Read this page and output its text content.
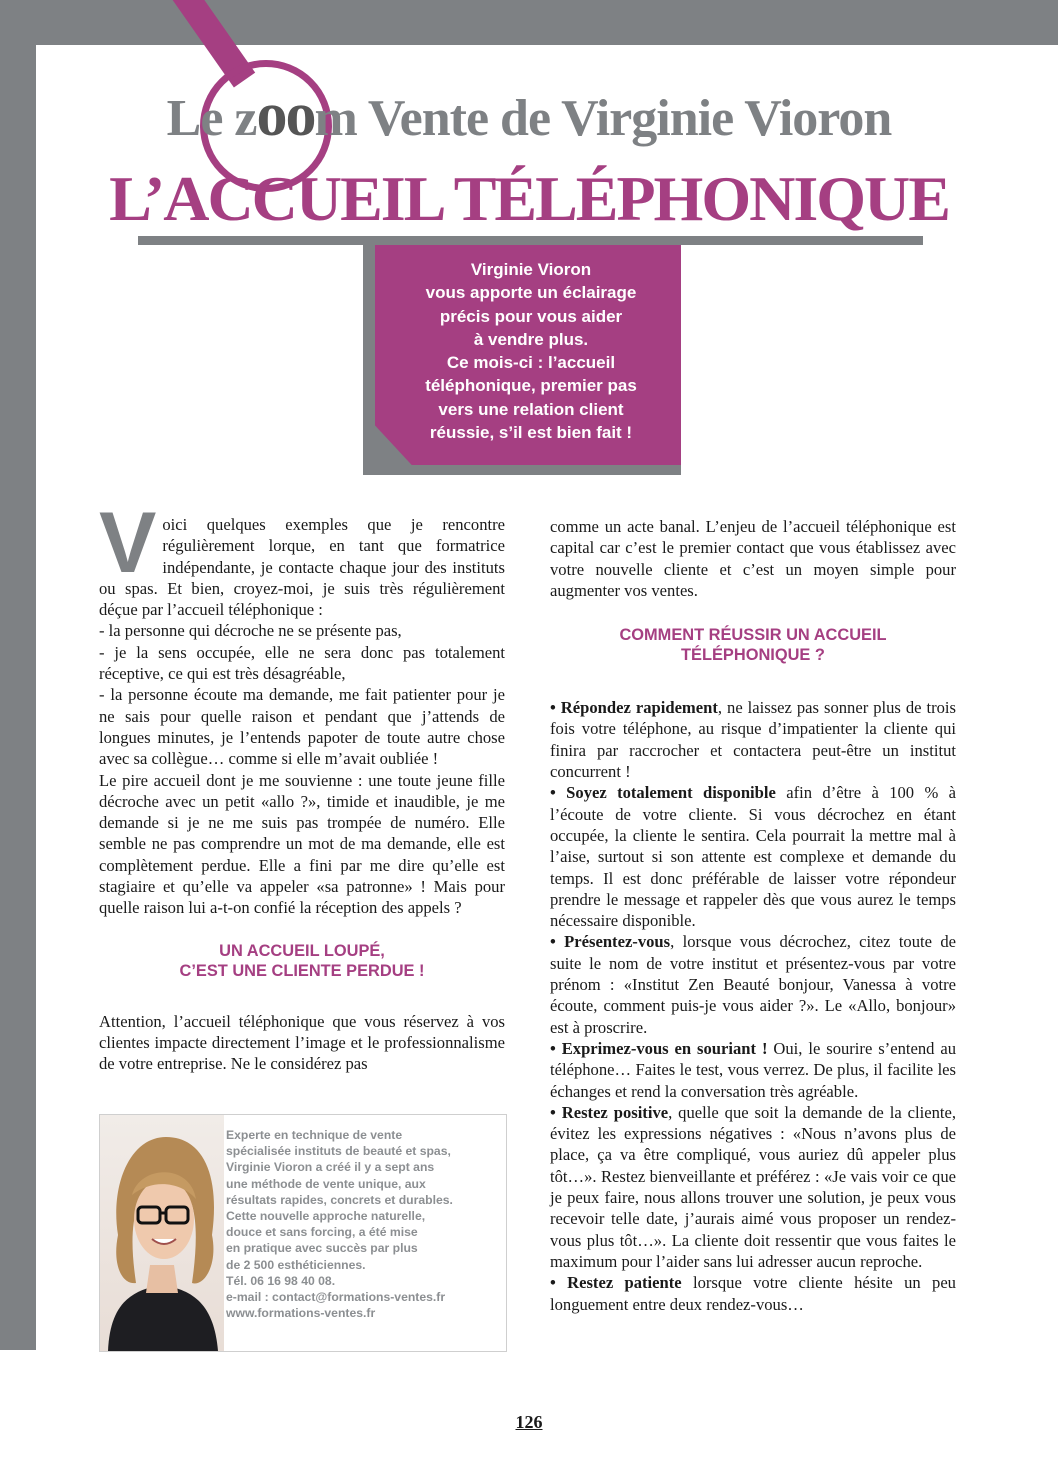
Le zoom Vente de Virginie Vioron
L’ACCUEIL TÉLÉPHONIQUE
Virginie Vioron
vous apporte un éclairage
précis pour vous aider
à vendre plus.
Ce mois-ci : l’accueil
téléphonique, premier pas
vers une relation client
réussie, s’il est bien fait !

Voici quelques exemples que je rencontre régulièrement lorque, en tant que formatrice indépendante, je contacte chaque jour des instituts ou spas. Et bien, croyez-moi, je suis très régulièrement déçue par l’accueil téléphonique :

- la personne qui décroche ne se présente pas,

- je la sens occupée, elle ne sera donc pas totalement réceptive, ce qui est très désagréable,

- la personne écoute ma demande, me fait patienter pour je ne sais pour quelle raison et pendant que j’attends de longues minutes, je l’entends papoter de toute autre chose avec sa collègue… comme si elle m’avait oubliée !

Le pire accueil dont je me souvienne : une toute jeune fille décroche avec un petit «allo ?», timide et inaudible, je me demande si je ne me suis pas trompée de numéro. Elle semble ne pas comprendre un mot de ma demande, elle est complètement perdue. Elle a fini par me dire qu’elle est stagiaire et qu’elle va appeler «sa patronne» ! Mais pour quelle raison lui a-t-on confié la réception des appels ?

UN ACCUEIL LOUPÉ,
C’EST UNE CLIENTE PERDUE !

Attention, l’accueil téléphonique que vous réservez à vos clientes impacte directement l’image et le professionnalisme de votre entreprise. Ne le considérez pas

Experte en technique de vente

spécialisée instituts de beauté et spas,

Virginie Vioron a créé il y a sept ans

une méthode de vente unique, aux

résultats rapides, concrets et durables.

Cette nouvelle approche naturelle,

douce et sans forcing, a été mise

en pratique avec succès par plus

de 2 500 esthéticiennes.

Tél. 06 16 98 40 08.

e-mail : contact@formations-ventes.fr

www.formations-ventes.fr

comme un acte banal. L’enjeu de l’accueil téléphonique est capital car c’est le premier contact que vous établissez avec votre nouvelle cliente et c’est un moyen simple pour augmenter vos ventes.

COMMENT RÉUSSIR UN ACCUEIL
TÉLÉPHONIQUE ?

• Répondez rapidement, ne laissez pas sonner plus de trois fois votre téléphone, au risque d’impatienter la cliente qui finira par raccrocher et contactera peut-être un institut concurrent !

• Soyez totalement disponible afin d’être à 100 % à l’écoute de votre cliente. Si vous décrochez en étant occupée, la cliente le sentira. Cela pourrait la mettre mal à l’aise, surtout si son attente est complexe et demande du temps. Il est donc préférable de laisser votre répondeur prendre le message et rappeler dès que vous aurez le temps nécessaire disponible.

• Présentez-vous, lorsque vous décrochez, citez toute de suite le nom de votre institut et présentez-vous par votre prénom : «Institut Zen Beauté bonjour, Vanessa à votre écoute, comment puis-je vous aider ?». Le «Allo, bonjour» est à proscrire.

• Exprimez-vous en souriant ! Oui, le sourire s’entend au téléphone… Faites le test, vous verrez. De plus, il facilite les échanges et rend la conversation très agréable.

• Restez positive, quelle que soit la demande de la cliente, évitez les expressions négatives : «Nous n’avons plus de place, ça va être compliqué, vous auriez dû appeler plus tôt…». Restez bienveillante et préférez : «Je vais voir ce que je peux faire, nous allons trouver une solution, je peux vous recevoir telle date, j’aurais aimé vous proposer un rendez-vous plus tôt…». La cliente doit ressentir que vous faites le maximum pour l’aider sans lui adresser aucun reproche.

• Restez patiente lorsque votre cliente hésite un peu longuement entre deux rendez-vous…

126
